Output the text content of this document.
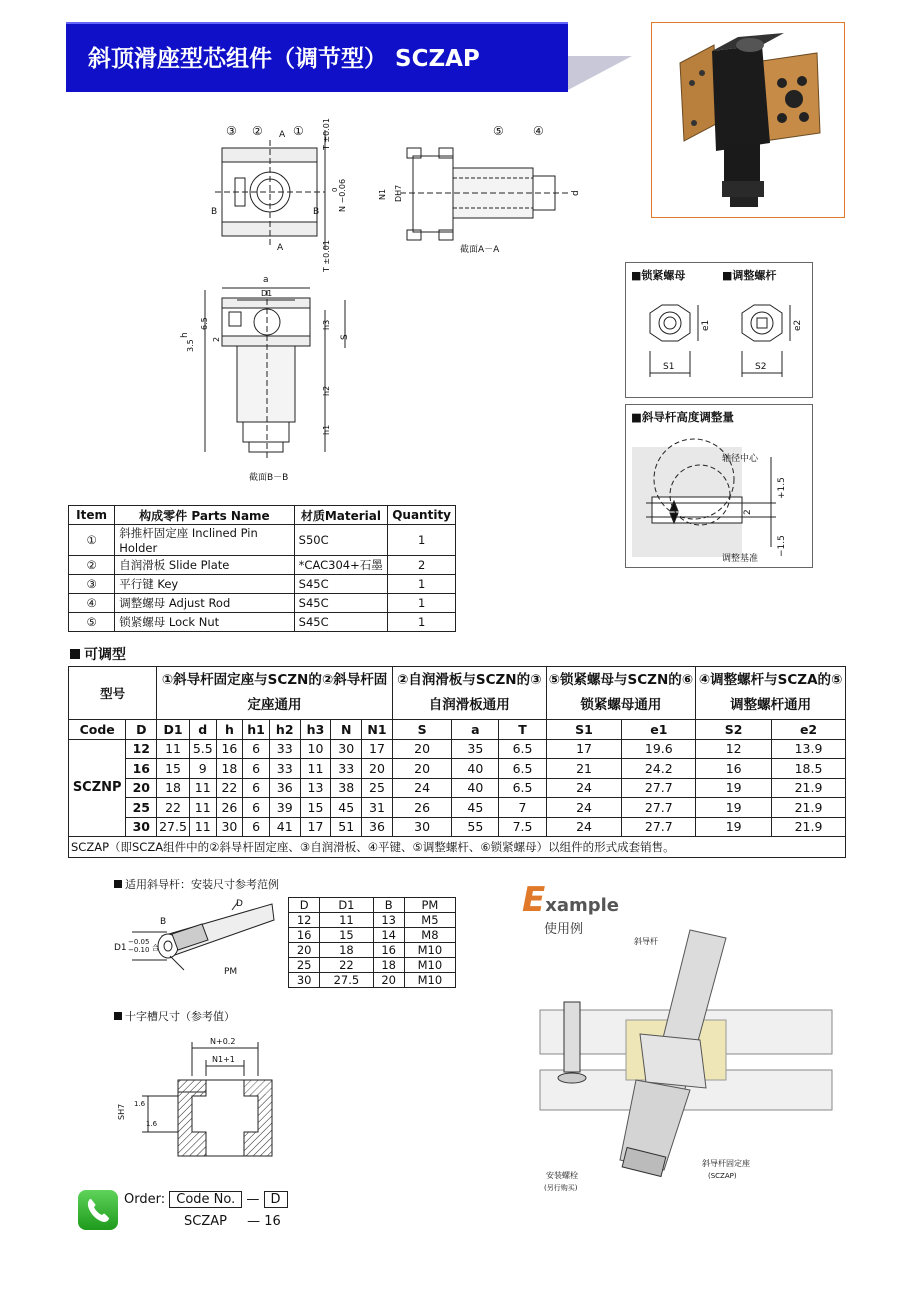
斜顶滑座型芯组件（调节型） SCZAP
③ ② A ①
A
B	B
T ±0.01
T ±0.01
N −0.06
0
⑤ ④
N1 DH7	d
截面A－A
a
D1
6.5
2
3.5
h
h3
S
h2
h1
截面B－B
■锁紧螺母	■调整螺杆
S1
e1
S2
e2
■斜导杆高度调整量
轴径中心
+1.5
2
−1.5
调整基准
Item	构成零件 Parts Name	材质Material	Quantity
①	斜推杆固定座 Inclined Pin Holder	S50C	1
②	自润滑板 Slide Plate	*CAC304+石墨	2
③	平行键 Key	S45C	1
④	调整螺母 Adjust Rod	S45C	1
⑤	锁紧螺母 Lock Nut	S45C	1
可调型
型号		①斜导杆固定座与SCZN的②斜导杆固定座通用								②自润滑板与SCZN的③自润滑板通用			⑤锁紧螺母与SCZN的⑥锁紧螺母通用		④调整螺杆与SCZA的⑤调整螺杆通用	
Code	D	D1	d	h	h1	h2	h3	N	N1	S	a	T	S1	e1	S2	e2
SCZNP	12	11	5.5	16	6	33	10	30	17	20	35	6.5	17	19.6	12	13.9
	16	15	9	18	6	33	11	33	20	20	40	6.5	21	24.2	16	18.5
	20	18	11	22	6	36	13	38	25	24	40	6.5	24	27.7	19	21.9
	25	22	11	26	6	39	15	45	31	26	45	7	24	27.7	19	21.9
	30	27.5	11	30	6	41	17	51	36	30	55	7.5	24	27.7	19	21.9
SCZAP（即SCZA组件中的②斜导杆固定座、③自润滑板、④平键、⑤调整螺杆、⑥锁紧螺母）以组件的形式成套销售。																
适用斜导杆：安装尺寸参考范例
D
B
D1
−0.05
−0.10 合
PM
D	D1	B	PM
12	11	13	M5
16	15	14	M8
20	18	16	M10
25	22	18	M10
30	27.5	20	M10
十字槽尺寸（参考值）
N+0.2
N1+1
SH7 1.6
1.6
Example
使用例
斜导杆
安装螺栓
(另行购买)
斜导杆固定座
(SCZAP)
Order: Code No. — D
SCZAP — 16
